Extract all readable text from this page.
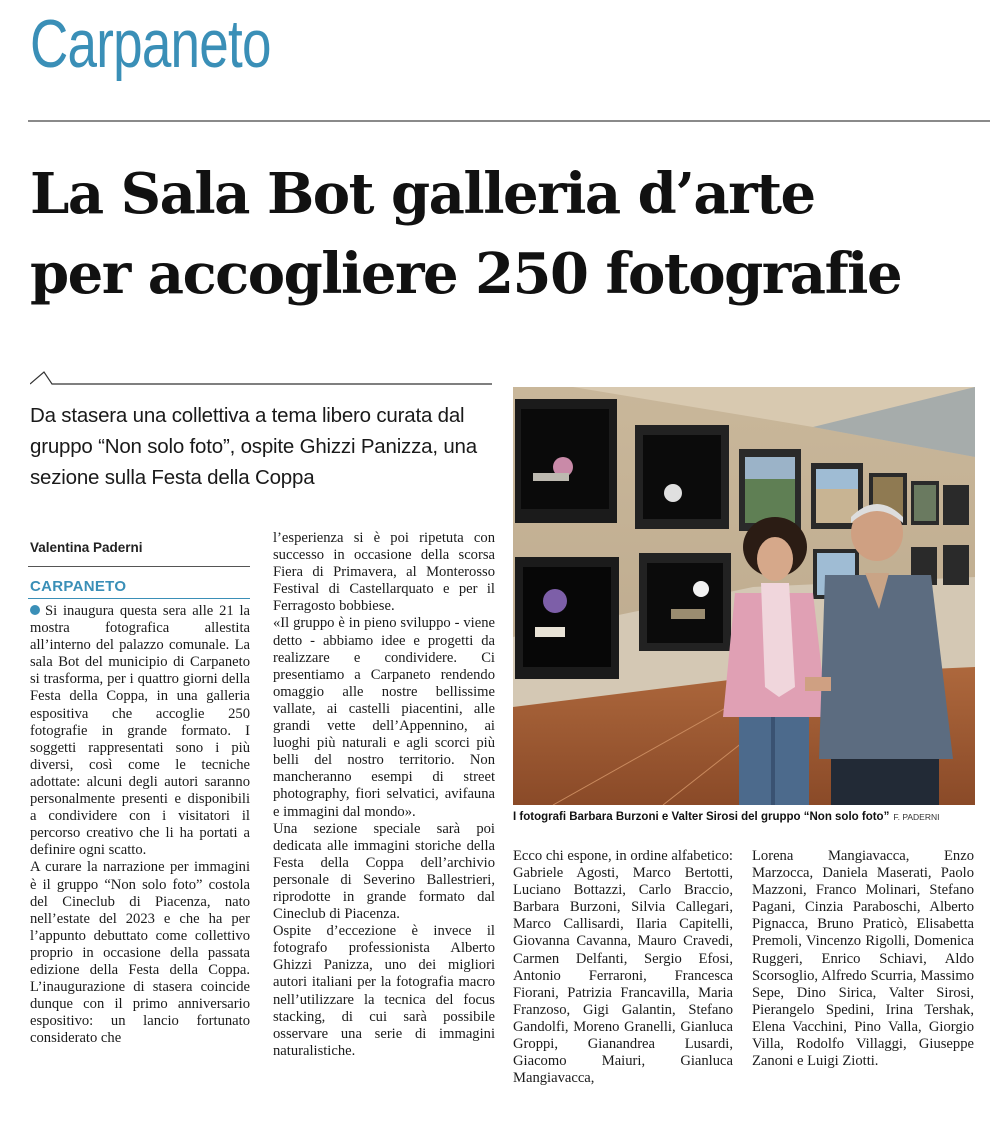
Carpaneto
La Sala Bot galleria d’arte
per accogliere 250 fotografie
Da stasera una collettiva a tema libero curata dal gruppo “Non solo foto”, ospite Ghizzi Panizza, una sezione sulla Festa della Coppa
Valentina Paderni
CARPANETO

Si inaugura questa sera alle 21 la mostra fotografica allestita all’interno del palazzo comunale. La sala Bot del municipio di Carpaneto si trasforma, per i quattro giorni della Festa della Coppa, in una galleria espositiva che accoglie 250 fotografie in grande formato. I soggetti rappresentati sono i più diversi, così come le tecniche adottate: alcuni degli autori saranno personalmente presenti e disponibili a condividere con i visitatori il percorso creativo che li ha portati a definire ogni scatto.

A curare la narrazione per immagini è il gruppo “Non solo foto” costola del Cineclub di Piacenza, nato nell’estate del 2023 e che ha per l’appunto debuttato come collettivo proprio in occasione della passata edizione della Festa della Coppa. L’inaugurazione di stasera coincide dunque con il primo anniversario espositivo: un lancio fortunato considerato che

l’esperienza si è poi ripetuta con successo in occasione della scorsa Fiera di Primavera, al Monterosso Festival di Castellarquato e per il Ferragosto bobbiese.

«Il gruppo è in pieno sviluppo - viene detto - abbiamo idee e progetti da realizzare e condividere. Ci presentiamo a Carpaneto rendendo omaggio alle nostre bellissime vallate, ai castelli piacentini, alle grandi vette dell’Appennino, ai luoghi più naturali e agli scorci più belli del nostro territorio. Non mancheranno esempi di street photography, fiori selvatici, avifauna e immagini dal mondo».

Una sezione speciale sarà poi dedicata alle immagini storiche della Festa della Coppa dell’archivio personale di Severino Ballestrieri, riprodotte in grande formato dal Cineclub di Piacenza.

Ospite d’eccezione è invece il fotografo professionista Alberto Ghizzi Panizza, uno dei migliori autori italiani per la fotografia macro nell’utilizzare la tecnica del focus stacking, di cui sarà possibile osservare una serie di immagini naturalistiche.

I fotografi Barbara Burzoni e Valter Sirosi del gruppo “Non solo foto” F. PADERNI

Ecco chi espone, in ordine alfabetico: Gabriele Agosti, Marco Bertotti, Luciano Bottazzi, Carlo Braccio, Barbara Burzoni, Silvia Callegari, Marco Callisardi, Ilaria Capitelli, Giovanna Cavanna, Mauro Cravedi, Carmen Delfanti, Sergio Efosi, Antonio Ferraroni, Francesca Fiorani, Patrizia Francavilla, Maria Franzoso, Gigi Galantin, Stefano Gandolfi, Moreno Granelli, Gianluca Groppi, Gianandrea Lusardi, Giacomo Maiuri, Gianluca Mangiavacca,

Lorena Mangiavacca, Enzo Marzocca, Daniela Maserati, Paolo Mazzoni, Franco Molinari, Stefano Pagani, Cinzia Paraboschi, Alberto Pignacca, Bruno Praticò, Elisabetta Premoli, Vincenzo Rigolli, Domenica Ruggeri, Enrico Schiavi, Aldo Scorsoglio, Alfredo Scurria, Massimo Sepe, Dino Sirica, Valter Sirosi, Pierangelo Spedini, Irina Tershak, Elena Vacchini, Pino Valla, Giorgio Villa, Rodolfo Villaggi, Giuseppe Zanoni e Luigi Ziotti.
